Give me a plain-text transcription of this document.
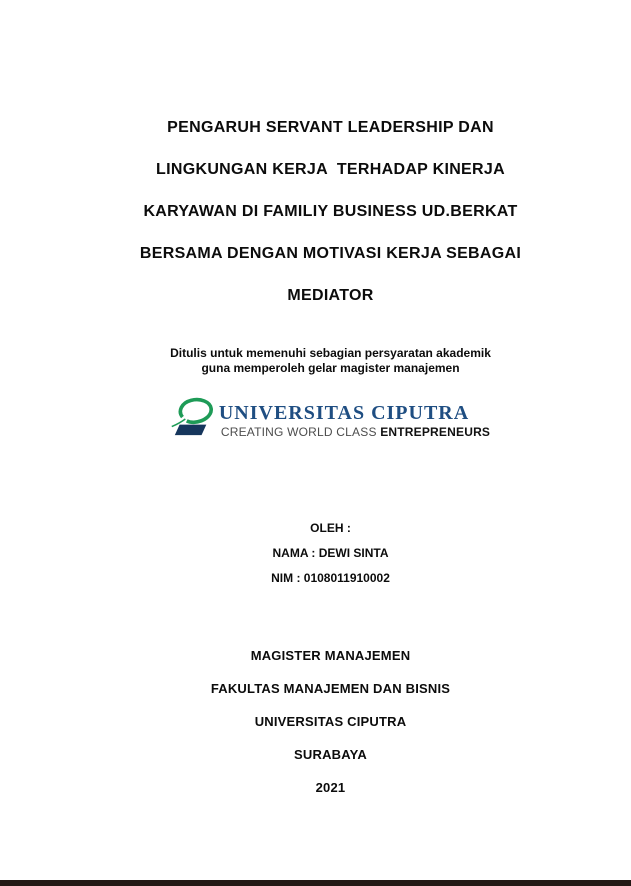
PENGARUH SERVANT LEADERSHIP DAN
LINGKUNGAN KERJA  TERHADAP KINERJA
KARYAWAN DI FAMILIY BUSINESS UD.BERKAT
BERSAMA DENGAN MOTIVASI KERJA SEBAGAI
MEDIATOR
Ditulis untuk memenuhi sebagian persyaratan akademik
guna memperoleh gelar magister manajemen
UNIVERSITAS CIPUTRA
CREATING WORLD CLASS ENTREPRENEURS
OLEH :
NAMA : DEWI SINTA
NIM : 0108011910002
MAGISTER MANAJEMEN
FAKULTAS MANAJEMEN DAN BISNIS
UNIVERSITAS CIPUTRA
SURABAYA
2021
